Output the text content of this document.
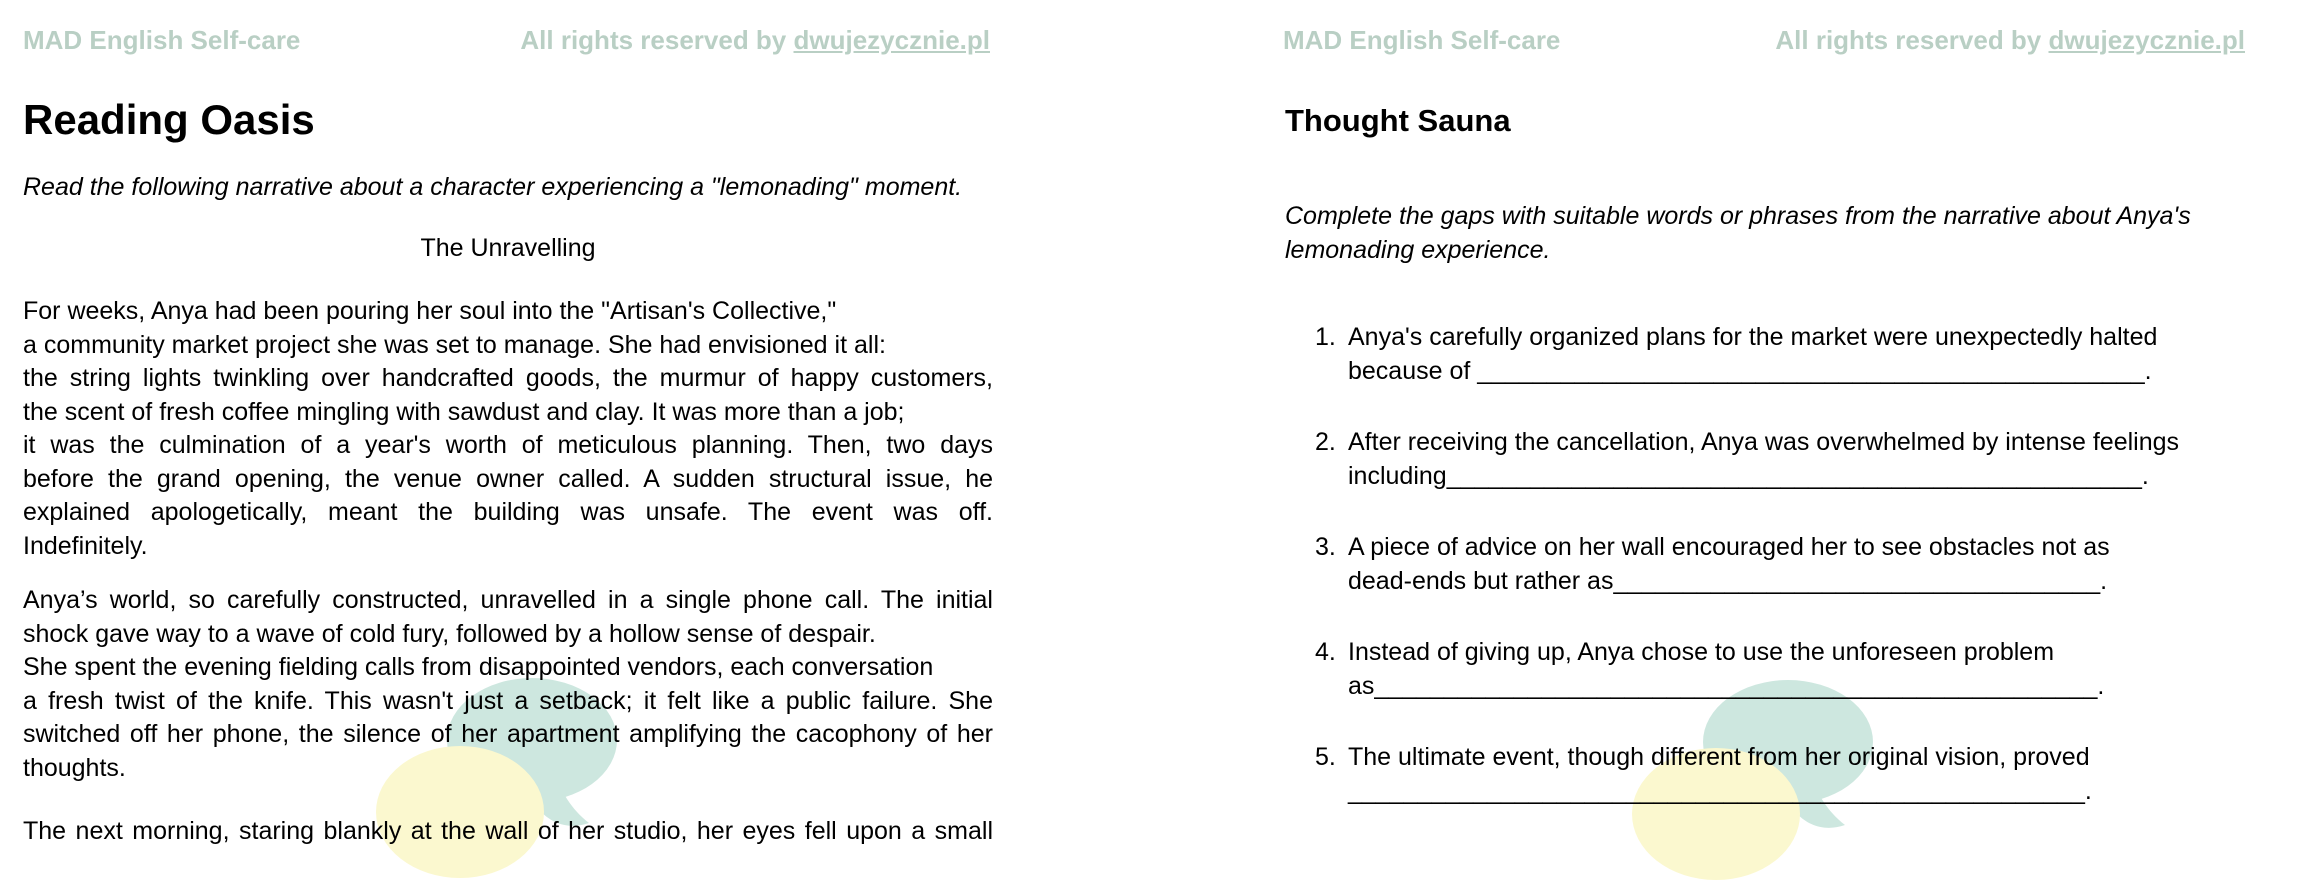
MAD English Self-care	All rights reserved by dwujezycznie.pl
Reading Oasis
Read the following narrative about a character experiencing a "lemonading" moment.
The Unravelling
For weeks, Anya had been pouring her soul into the "Artisan's Collective,"
a community market project she was set to manage. She had envisioned it all:
the string lights twinkling over handcrafted goods, the murmur of happy customers,
the scent of fresh coffee mingling with sawdust and clay. It was more than a job;
it was the culmination of a year's worth of meticulous planning. Then, two days
before the grand opening, the venue owner called. A sudden structural issue, he
explained apologetically, meant the building was unsafe. The event was off.
Indefinitely.
Anya’s world, so carefully constructed, unravelled in a single phone call. The initial
shock gave way to a wave of cold fury, followed by a hollow sense of despair.
She spent the evening fielding calls from disappointed vendors, each conversation
a fresh twist of the knife. This wasn't just a setback; it felt like a public failure. She
switched off her phone, the silence of her apartment amplifying the cacophony of her
thoughts.
The next morning, staring blankly at the wall of her studio, her eyes fell upon a small
MAD English Self-care	All rights reserved by dwujezycznie.pl
Thought Sauna
Complete the gaps with suitable words or phrases from the narrative about Anya's
lemonading experience.
1. Anya's carefully organized plans for the market were unexpectedly halted
because of ________________________________________________.
2. After receiving the cancellation, Anya was overwhelmed by intense feelings
including__________________________________________________.
3. A piece of advice on her wall encouraged her to see obstacles not as
dead-ends but rather as___________________________________.
4. Instead of giving up, Anya chose to use the unforeseen problem
as____________________________________________________.
5. The ultimate event, though different from her original vision, proved
_____________________________________________________.
